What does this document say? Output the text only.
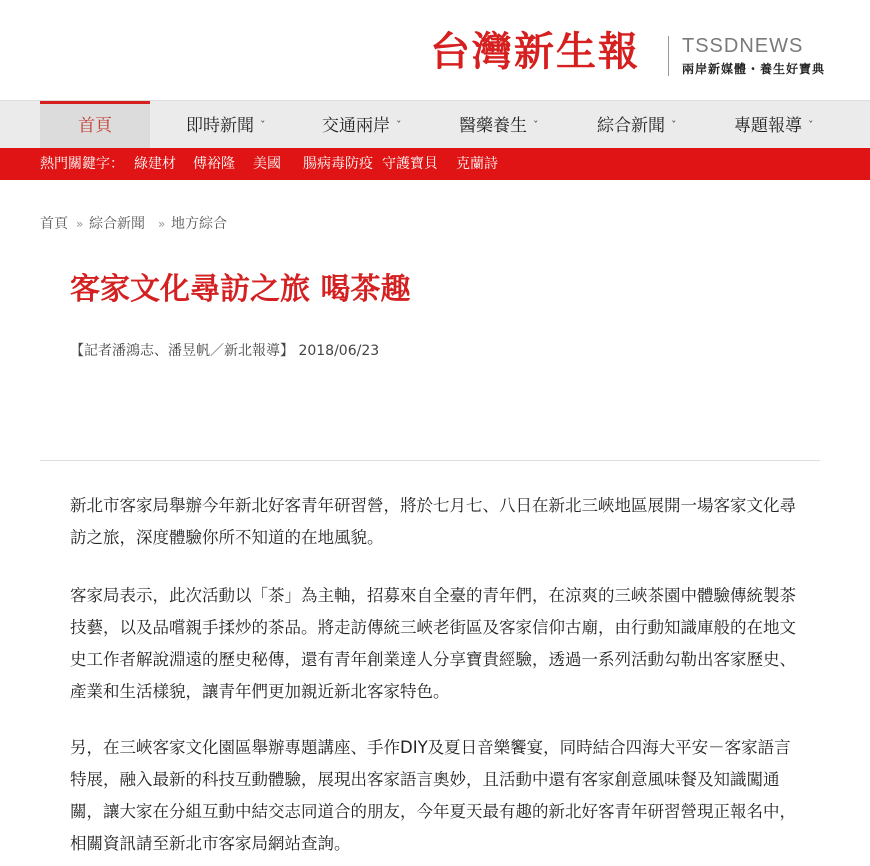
台灣新生報 TSSDNEWS
兩岸新媒體・養生好寶典
首頁	即時新聞 ˇ	交通兩岸 ˇ	醫藥養生 ˇ	綜合新聞 ˇ	專題報導 ˇ
熱門關鍵字： 綠建材 傅裕隆 美國 腸病毒防疫 守護寶貝 克蘭詩
首頁 » 綜合新聞 » 地方綜合
客家文化尋訪之旅 喝茶趣
【記者潘鴻志、潘昱帆／新北報導】 2018/06/23

新北市客家局舉辦今年新北好客青年研習營，將於七月七、八日在新北三峽地區展開一場客家文化尋訪之旅，深度體驗你所不知道的在地風貌。

客家局表示，此次活動以「茶」為主軸，招募來自全臺的青年們，在涼爽的三峽茶園中體驗傳統製茶技藝，以及品嚐親手揉炒的茶品。將走訪傳統三峽老街區及客家信仰古廟，由行動知識庫般的在地文史工作者解說淵遠的歷史秘傳，還有青年創業達人分享寶貴經驗，透過一系列活動勾勒出客家歷史、產業和生活樣貌，讓青年們更加親近新北客家特色。

另，在三峽客家文化園區舉辦專題講座、手作DIY及夏日音樂饗宴，同時結合四海大平安－客家語言特展，融入最新的科技互動體驗，展現出客家語言奧妙，且活動中還有客家創意風味餐及知識闖通關，讓大家在分組互動中結交志同道合的朋友，今年夏天最有趣的新北好客青年研習營現正報名中，相關資訊請至新北市客家局網站查詢。
